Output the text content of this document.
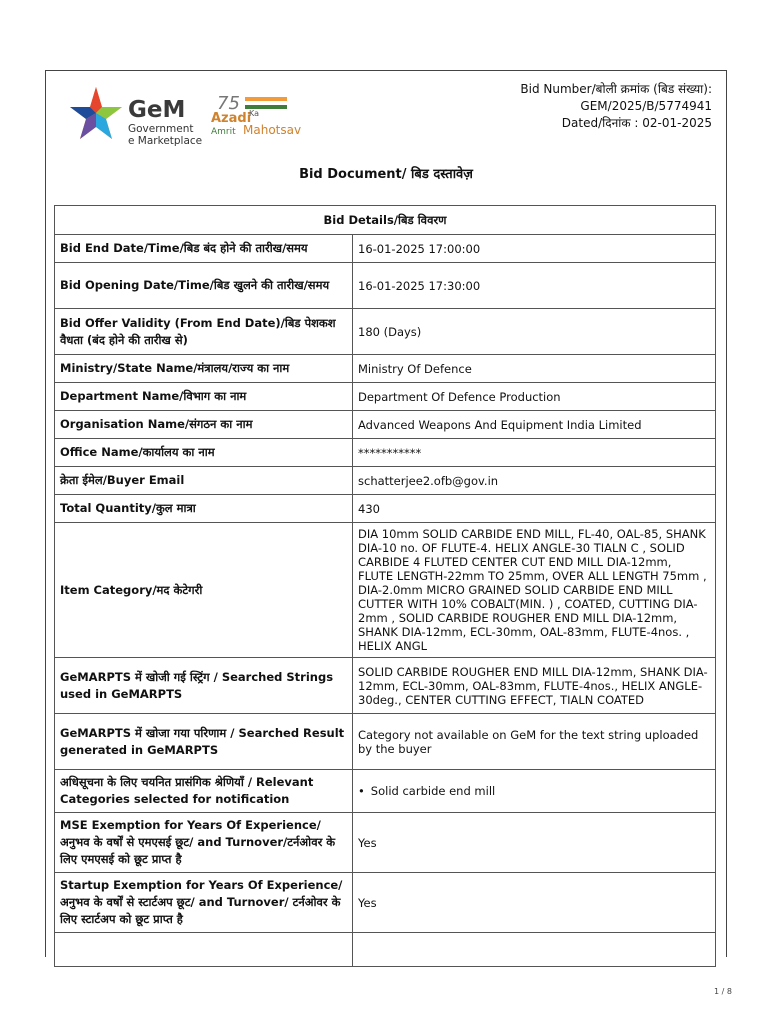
GeM
Government
e Marketplace
75
Azadi
Ka
Amrit Mahotsav
Bid Number/बोली क्रमांक (बिड संख्या):
GEM/2025/B/5774941
Dated/दिनांक : 02-01-2025
Bid Document/ बिड दस्तावेज़
Bid Details/बिड विवरण	
Bid End Date/Time/बिड बंद होने की तारीख/समय	16-01-2025 17:00:00
Bid Opening Date/Time/बिड खुलने की तारीख/समय	16-01-2025 17:30:00
Bid Offer Validity (From End Date)/बिड पेशकश वैधता (बंद होने की तारीख से)	180 (Days)
Ministry/State Name/मंत्रालय/राज्य का नाम	Ministry Of Defence
Department Name/विभाग का नाम	Department Of Defence Production
Organisation Name/संगठन का नाम	Advanced Weapons And Equipment India Limited
Office Name/कार्यालय का नाम	***********
क्रेता ईमेल/Buyer Email	schatterjee2.ofb@gov.in
Total Quantity/कुल मात्रा	430
Item Category/मद केटेगरी	DIA 10mm SOLID CARBIDE END MILL, FL-40, OAL-85, SHANK DIA-10 no. OF FLUTE-4. HELIX ANGLE-30 TIALN C , SOLID CARBIDE 4 FLUTED CENTER CUT END MILL DIA-12mm, FLUTE LENGTH-22mm TO 25mm, OVER ALL LENGTH 75mm , DIA-2.0mm MICRO GRAINED SOLID CARBIDE END MILL CUTTER WITH 10% COBALT(MIN. ) , COATED, CUTTING DIA-2mm , SOLID CARBIDE ROUGHER END MILL DIA-12mm, SHANK DIA-12mm, ECL-30mm, OAL-83mm, FLUTE-4nos. , HELIX ANGL
GeMARPTS में खोजी गई स्ट्रिंग / Searched Strings used in GeMARPTS	SOLID CARBIDE ROUGHER END MILL DIA-12mm, SHANK DIA-12mm, ECL-30mm, OAL-83mm, FLUTE-4nos., HELIX ANGLE-30deg., CENTER CUTTING EFFECT, TIALN COATED
GeMARPTS में खोजा गया परिणाम / Searched Result generated in GeMARPTS	Category not available on GeM for the text string uploaded by the buyer
अधिसूचना के लिए चयनित प्रासंगिक श्रेणियाँ / Relevant Categories selected for notification	• Solid carbide end mill
MSE Exemption for Years Of Experience/अनुभव के वर्षों से एमएसई छूट/ and Turnover/टर्नओवर के लिए एमएसई को छूट प्राप्त है	Yes
Startup Exemption for Years Of Experience/अनुभव के वर्षों से स्टार्टअप छूट/ and Turnover/ टर्नओवर के लिए स्टार्टअप को छूट प्राप्त है	Yes

1 / 8
